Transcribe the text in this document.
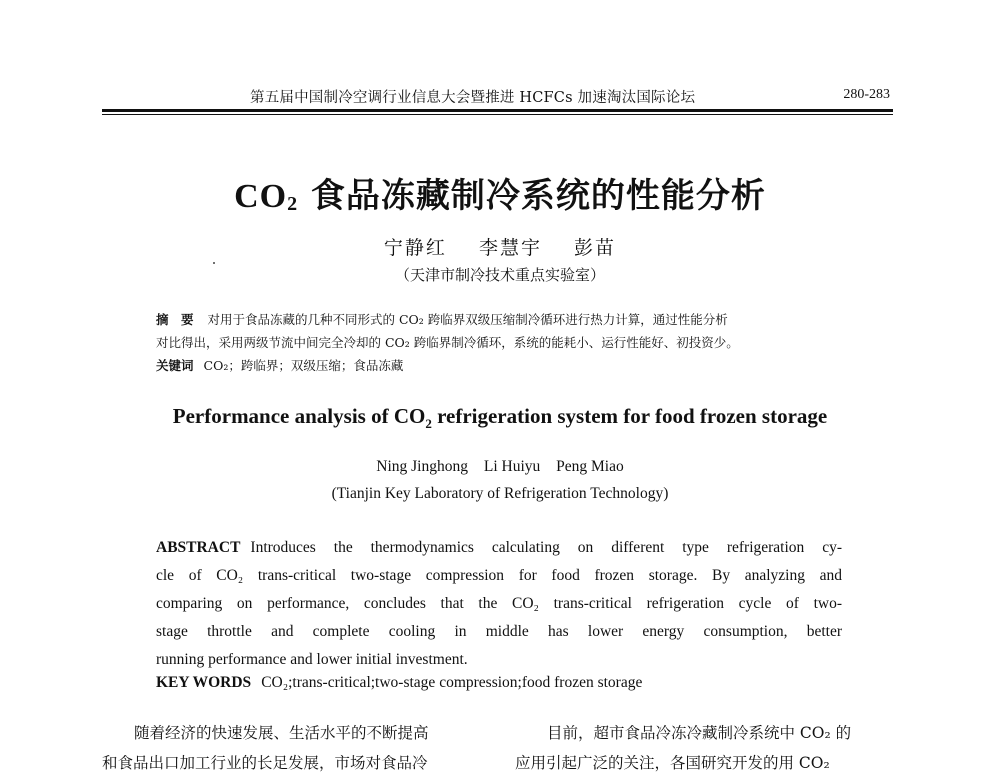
第五届中国制冷空调行业信息大会暨推进 HCFCs 加速淘汰国际论坛	280-283
$CO_2$ 食品冻藏制冷系统的性能分析
宁静红 李慧宇 彭苗
（天津市制冷技术重点实验室）
摘　要 对用于食品冻藏的几种不同形式的 CO₂ 跨临界双级压缩制冷循环进行热力计算，通过性能分析
对比得出，采用两级节流中间完全冷却的 CO₂ 跨临界制冷循环，系统的能耗小、运行性能好、初投资少。
关键词 CO₂；跨临界；双级压缩；食品冻藏
Performance analysis of $CO_2$ refrigeration system for food frozen storage
Ning Jinghong Li Huiyu Peng Miao
(Tianjin Key Laboratory of Refrigeration Technology)
ABSTRACT Introduces the thermodynamics calculating on different type refrigeration cy-
cle of CO₂ trans-critical two-stage compression for food frozen storage. By analyzing and
comparing on performance, concludes that the CO₂ trans-critical refrigeration cycle of two-
stage throttle and complete cooling in middle has lower energy consumption, better
running performance and lower initial investment.
KEY WORDS CO₂;trans-critical;two-stage compression;food frozen storage
随着经济的快速发展、生活水平的不断提高
和食品出口加工行业的长足发展，市场对食品冷
目前，超市食品冷冻冷藏制冷系统中 CO₂ 的
应用引起广泛的关注，各国研究开发的用 CO₂
